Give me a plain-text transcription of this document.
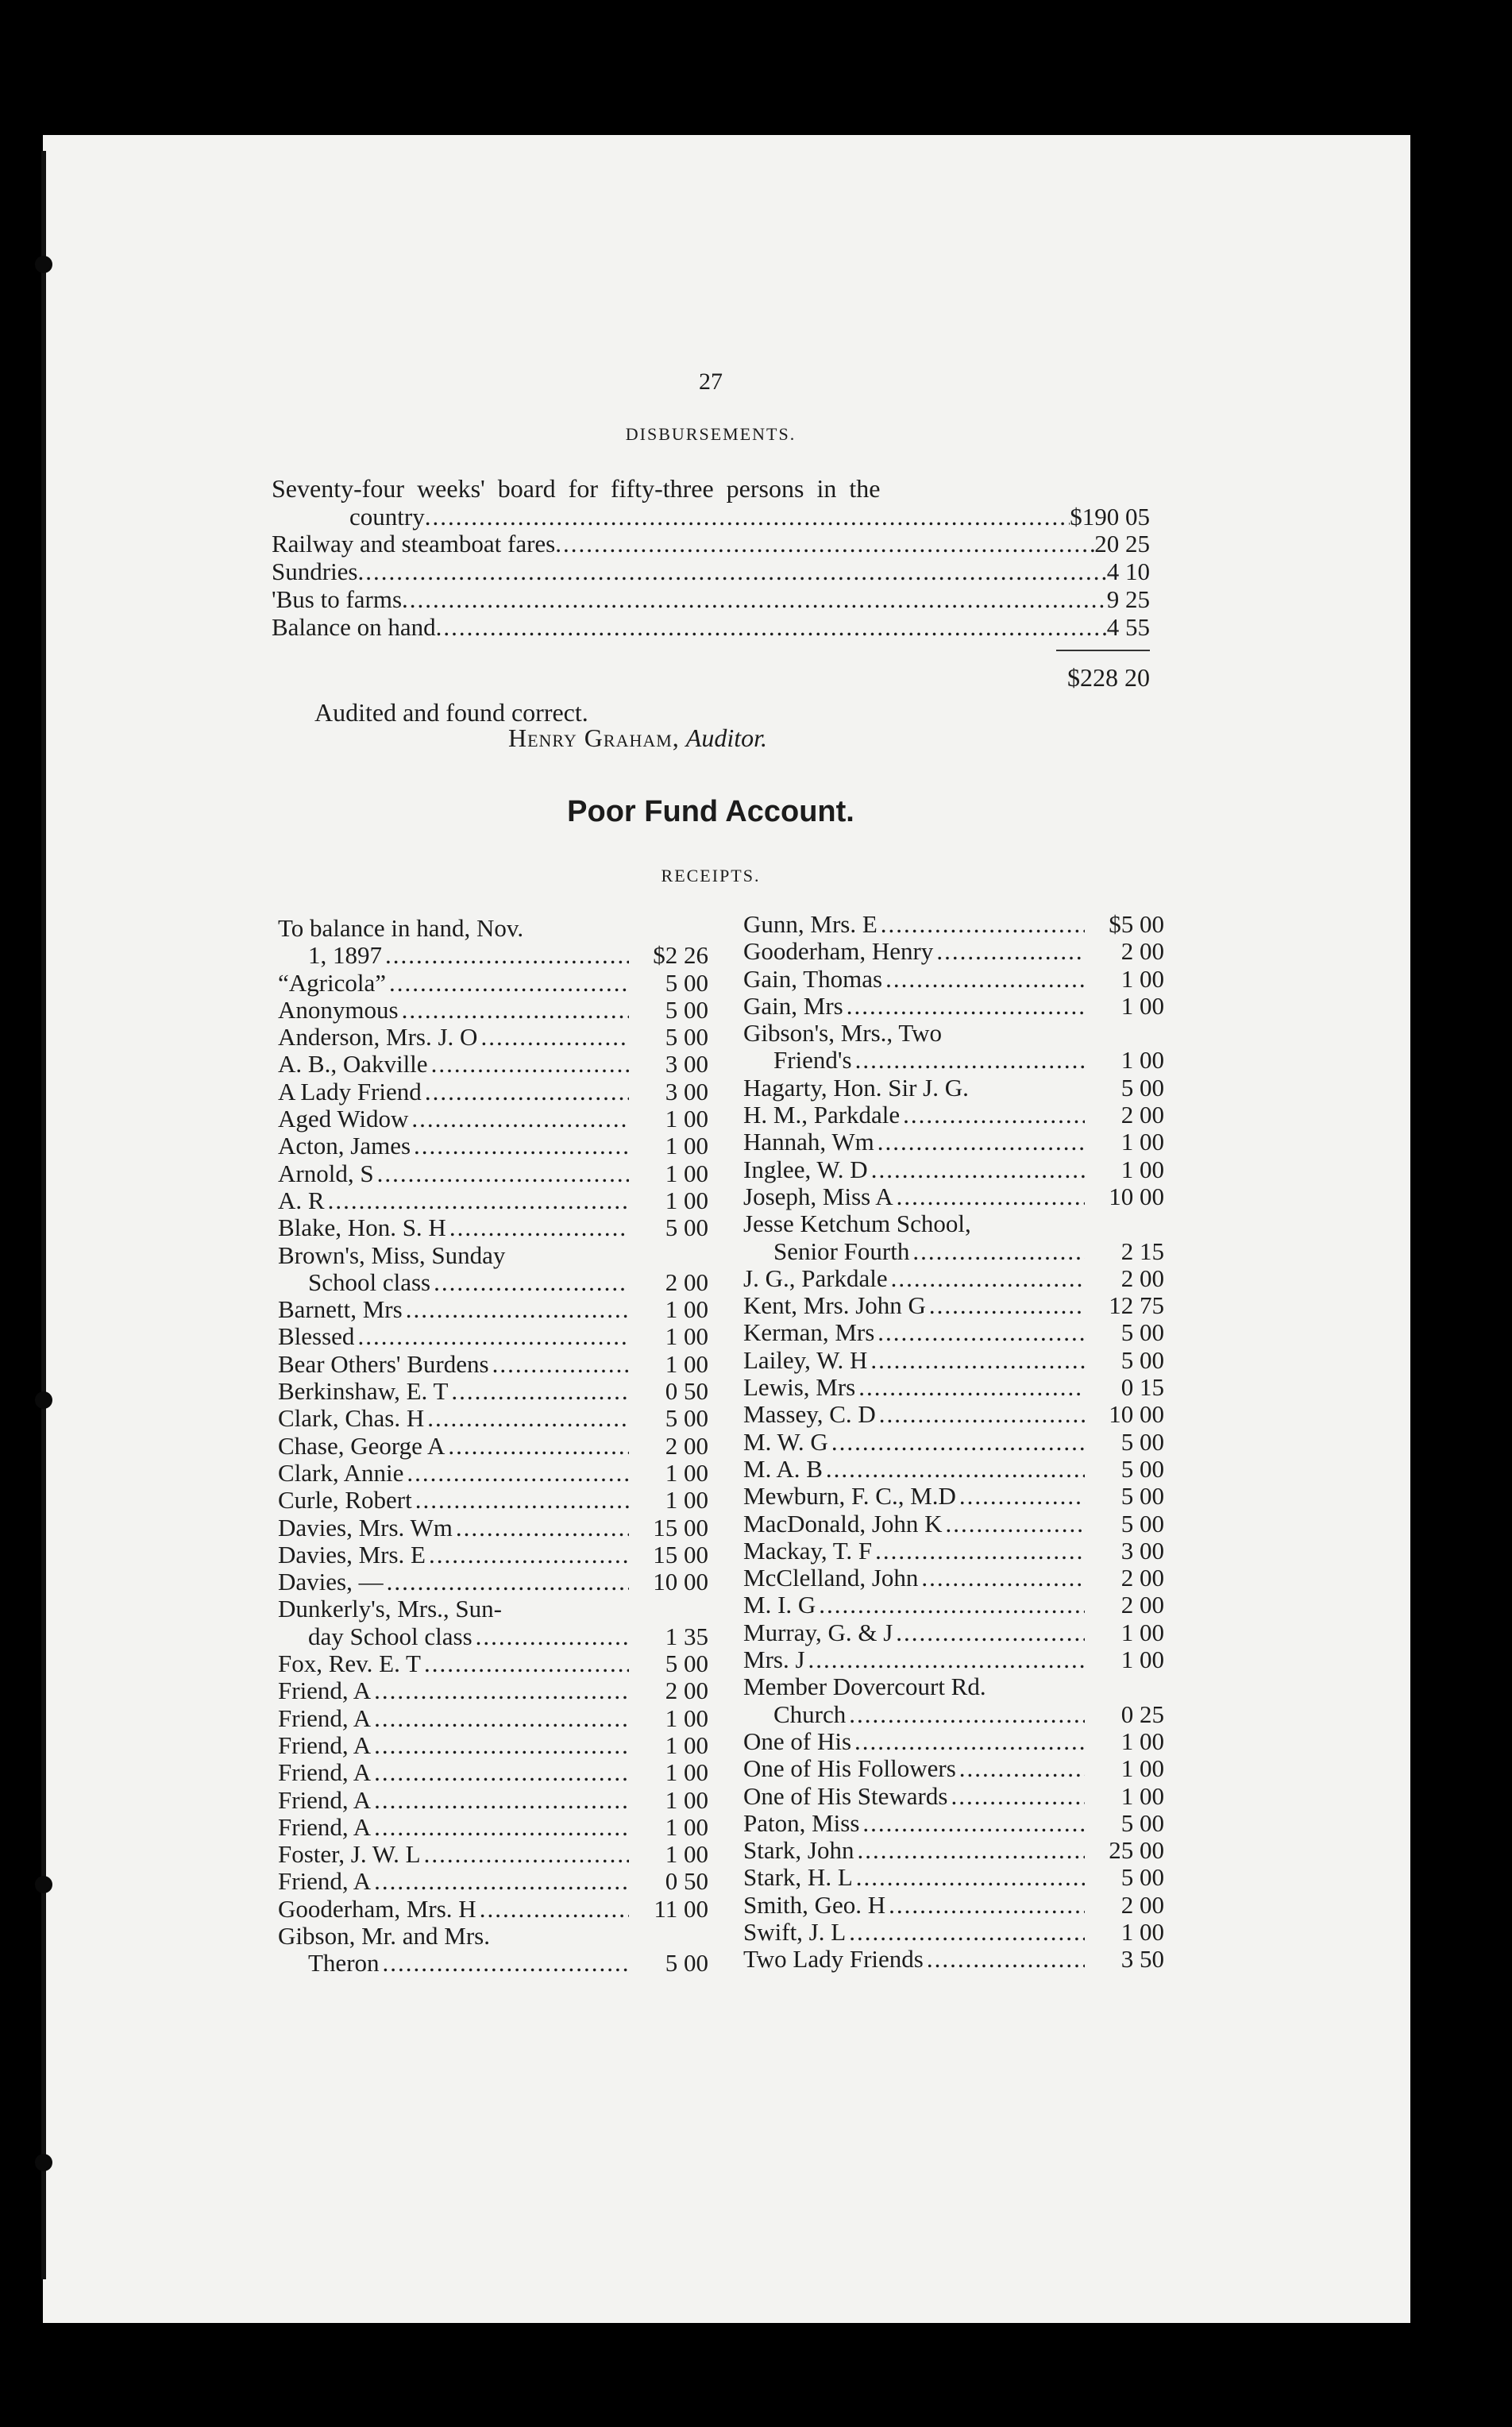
27
DISBURSEMENTS.
Seventy-four weeks' board for fifty-three persons in the
country .....	$190 05
Railway and steamboat fares .....	20 25
Sundries .....	4 10
'Bus to farms .....	9 25
Balance on hand .....	4 55
$228 20
Audited and found correct.
Henry Graham, Auditor.
Poor Fund Account.
RECEIPTS.
To balance in hand, Nov.
1, 1897 .....	$2 26
“Agricola” .....	5 00
Anonymous .....	5 00
Anderson, Mrs. J. O .....	5 00
A. B., Oakville .....	3 00
A Lady Friend .....	3 00
Aged Widow .....	1 00
Acton, James .....	1 00
Arnold, S .....	1 00
A. R .....	1 00
Blake, Hon. S. H .....	5 00
Brown's, Miss, Sunday
School class .....	2 00
Barnett, Mrs .....	1 00
Blessed .....	1 00
Bear Others' Burdens .....	1 00
Berkinshaw, E. T .....	0 50
Clark, Chas. H .....	5 00
Chase, George A .....	2 00
Clark, Annie .....	1 00
Curle, Robert .....	1 00
Davies, Mrs. Wm .....	15 00
Davies, Mrs. E .....	15 00
Davies, — .....	10 00
Dunkerly's, Mrs., Sun-
day School class .....	1 35
Fox, Rev. E. T .....	5 00
Friend, A .....	2 00
Friend, A .....	1 00
Friend, A .....	1 00
Friend, A .....	1 00
Friend, A .....	1 00
Friend, A .....	1 00
Foster, J. W. L .....	1 00
Friend, A .....	0 50
Gooderham, Mrs. H .....	11 00
Gibson, Mr. and Mrs.
Theron .....	5 00
Gunn, Mrs. E .....	$5 00
Gooderham, Henry .....	2 00
Gain, Thomas .....	1 00
Gain, Mrs .....	1 00
Gibson's, Mrs., Two
Friend's .....	1 00
Hagarty, Hon. Sir J. G.	5 00
H. M., Parkdale .....	2 00
Hannah, Wm .....	1 00
Inglee, W. D .....	1 00
Joseph, Miss A .....	10 00
Jesse Ketchum School,
Senior Fourth .....	2 15
J. G., Parkdale .....	2 00
Kent, Mrs. John G .....	12 75
Kerman, Mrs .....	5 00
Lailey, W. H .....	5 00
Lewis, Mrs .....	0 15
Massey, C. D .....	10 00
M. W. G .....	5 00
M. A. B .....	5 00
Mewburn, F. C., M.D .....	5 00
MacDonald, John K .....	5 00
Mackay, T. F .....	3 00
McClelland, John .....	2 00
M. I. G .....	2 00
Murray, G. & J .....	1 00
Mrs. J .....	1 00
Member Dovercourt Rd.
Church .....	0 25
One of His .....	1 00
One of His Followers .....	1 00
One of His Stewards .....	1 00
Paton, Miss .....	5 00
Stark, John .....	25 00
Stark, H. L .....	5 00
Smith, Geo. H .....	2 00
Swift, J. L .....	1 00
Two Lady Friends .....	3 50
